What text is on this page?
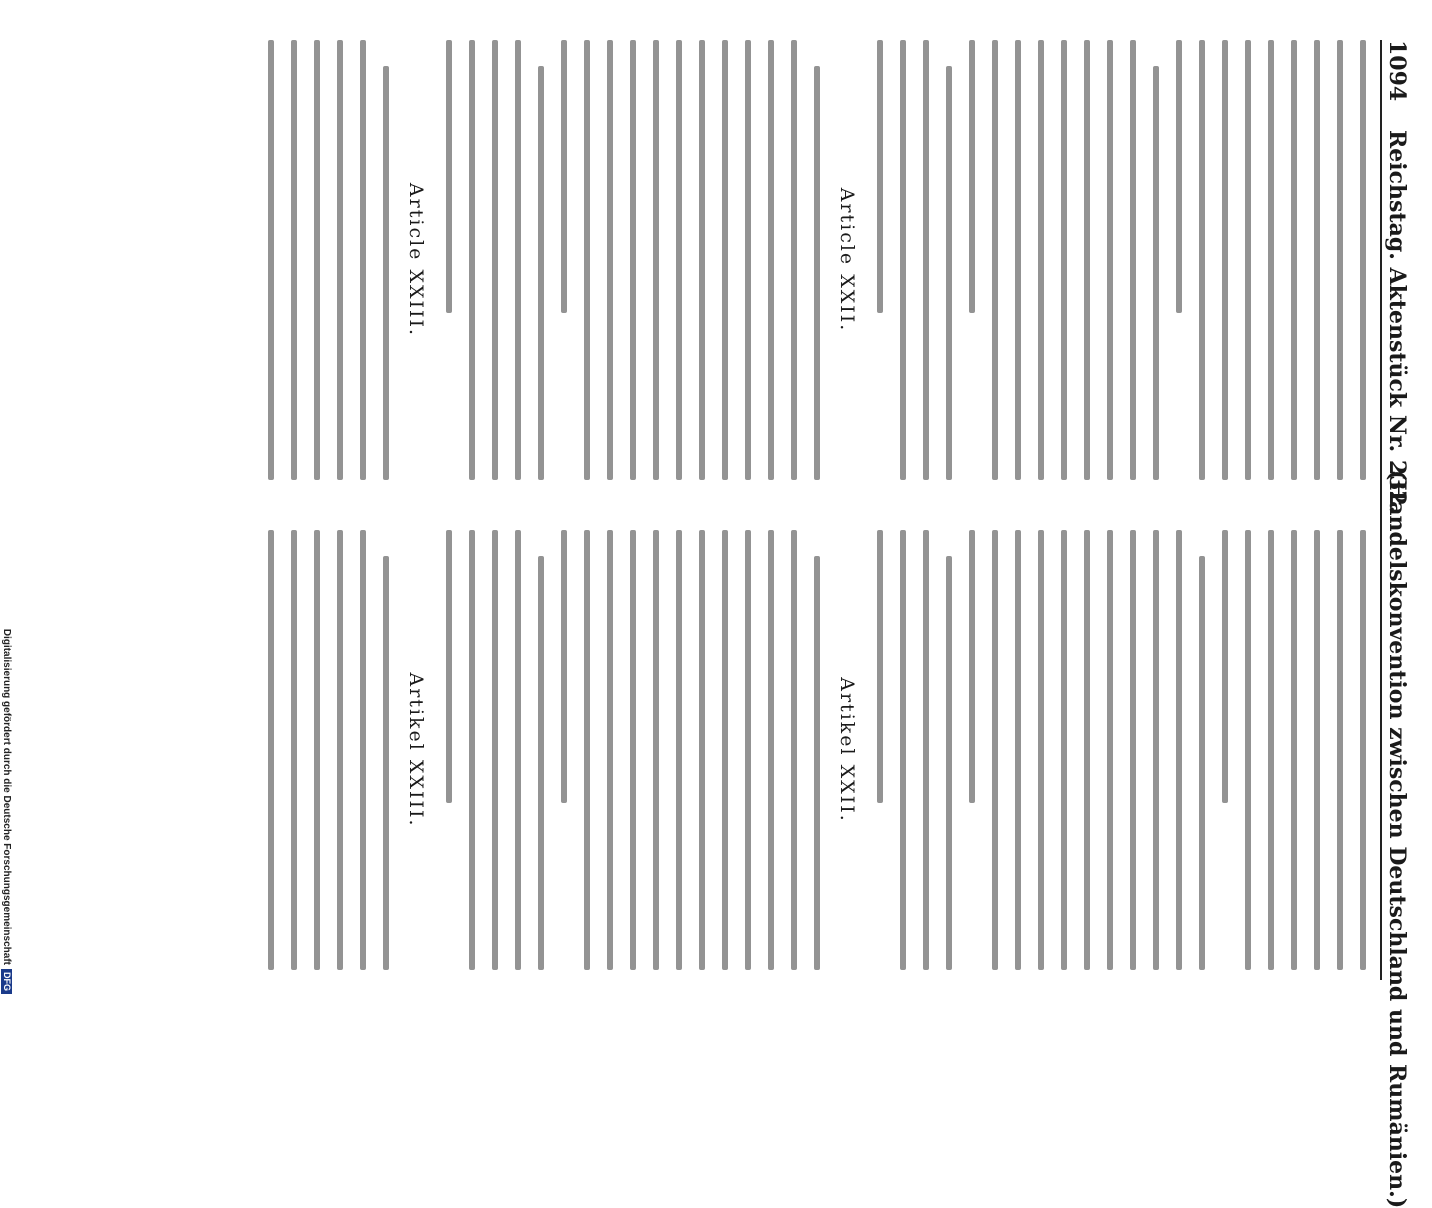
1094
Reichstag. Aktenstück Nr. 232.
(Handelskonvention zwischen Deutschland und Rumänien.)
Article XXII.
Article XXIII.
Artikel XXII.
Artikel XXIII.
Digitalisierung gefördert durch die Deutsche Forschungsgemeinschaft
DFG
